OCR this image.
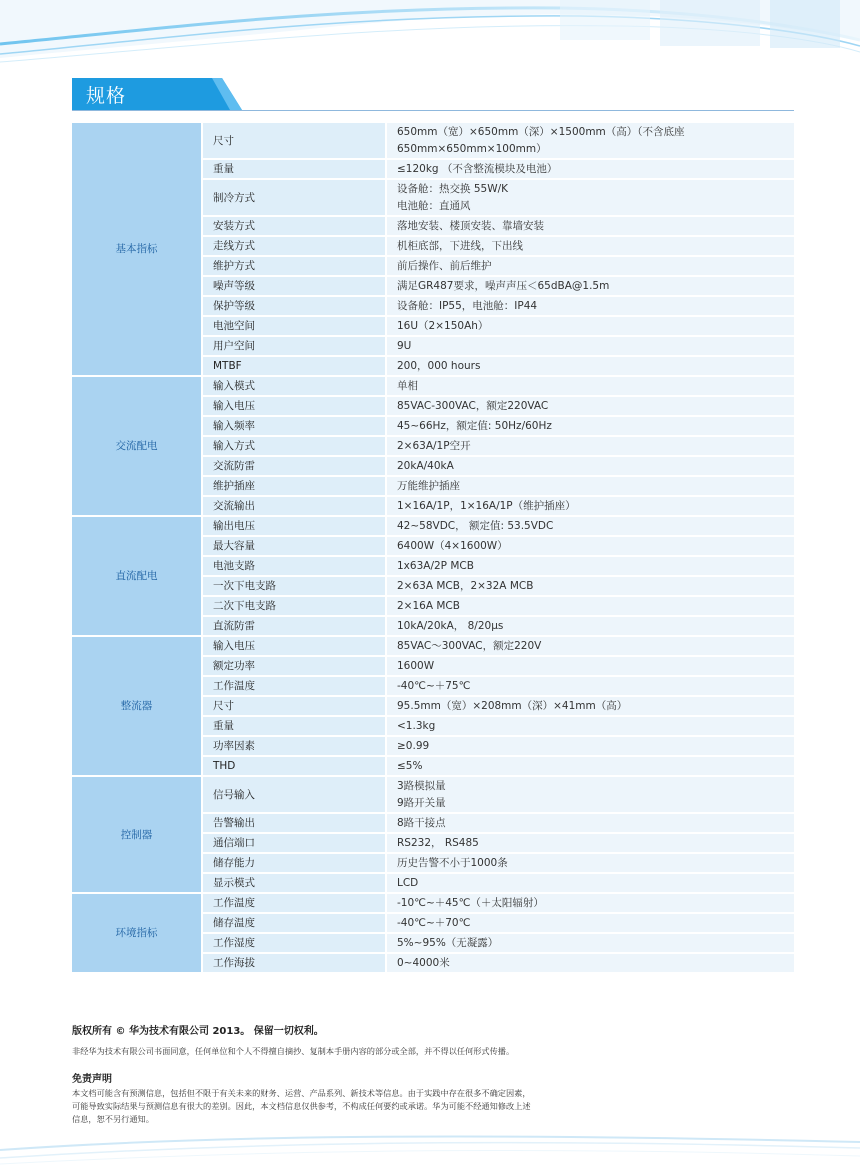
规格
基本指标	尺寸	650mm（宽）×650mm（深）×1500mm（高）（不含底座650mm×650mm×100mm）

	重量	≤120kg （不含整流模块及电池）

	制冷方式	设备舱：热交换 55W/K
电池舱：直通风

	安装方式	落地安装、楼顶安装、靠墙安装

	走线方式	机柜底部，下进线，下出线

	维护方式	前后操作、前后维护

	噪声等级	满足GR487要求，噪声声压＜65dBA@1.5m

	保护等级	设备舱：IP55，电池舱：IP44

	电池空间	16U（2×150Ah）

	用户空间	9U

	MTBF	200，000 hours

交流配电	输入模式	单相

	输入电压	85VAC-300VAC，额定220VAC

	输入频率	45~66Hz，额定值: 50Hz/60Hz

	输入方式	2×63A/1P空开

	交流防雷	20kA/40kA

	维护插座	万能维护插座

	交流输出	1×16A/1P，1×16A/1P（维护插座）

直流配电	输出电压	42~58VDC， 额定值: 53.5VDC

	最大容量	6400W（4×1600W）

	电池支路	1x63A/2P MCB

	一次下电支路	2×63A MCB，2×32A MCB

	二次下电支路	2×16A MCB

	直流防雷	10kA/20kA， 8/20μs

整流器	输入电压	85VAC～300VAC，额定220V

	额定功率	1600W

	工作温度	-40℃~＋75℃

	尺寸	95.5mm（宽）×208mm（深）×41mm（高）

	重量	<1.3kg

	功率因素	≥0.99

	THD	≤5%

控制器	信号输入	3路模拟量
9路开关量

	告警输出	8路干接点

	通信端口	RS232， RS485

	储存能力	历史告警不小于1000条

	显示模式	LCD

环境指标	工作温度	-10℃~＋45℃（＋太阳辐射）

	储存温度	-40℃~＋70℃

	工作湿度	5%~95%（无凝露）

	工作海拔	0~4000米

版权所有 © 华为技术有限公司 2013。 保留一切权利。

非经华为技术有限公司书面同意，任何单位和个人不得擅自摘抄、复制本手册内容的部分或全部，并不得以任何形式传播。

免责声明

本文档可能含有预测信息，包括但不限于有关未来的财务、运营、产品系列、新技术等信息。由于实践中存在很多不确定因素，

可能导致实际结果与预测信息有很大的差别。因此，本文档信息仅供参考，不构成任何要约或承诺。华为可能不经通知修改上述

信息，恕不另行通知。
